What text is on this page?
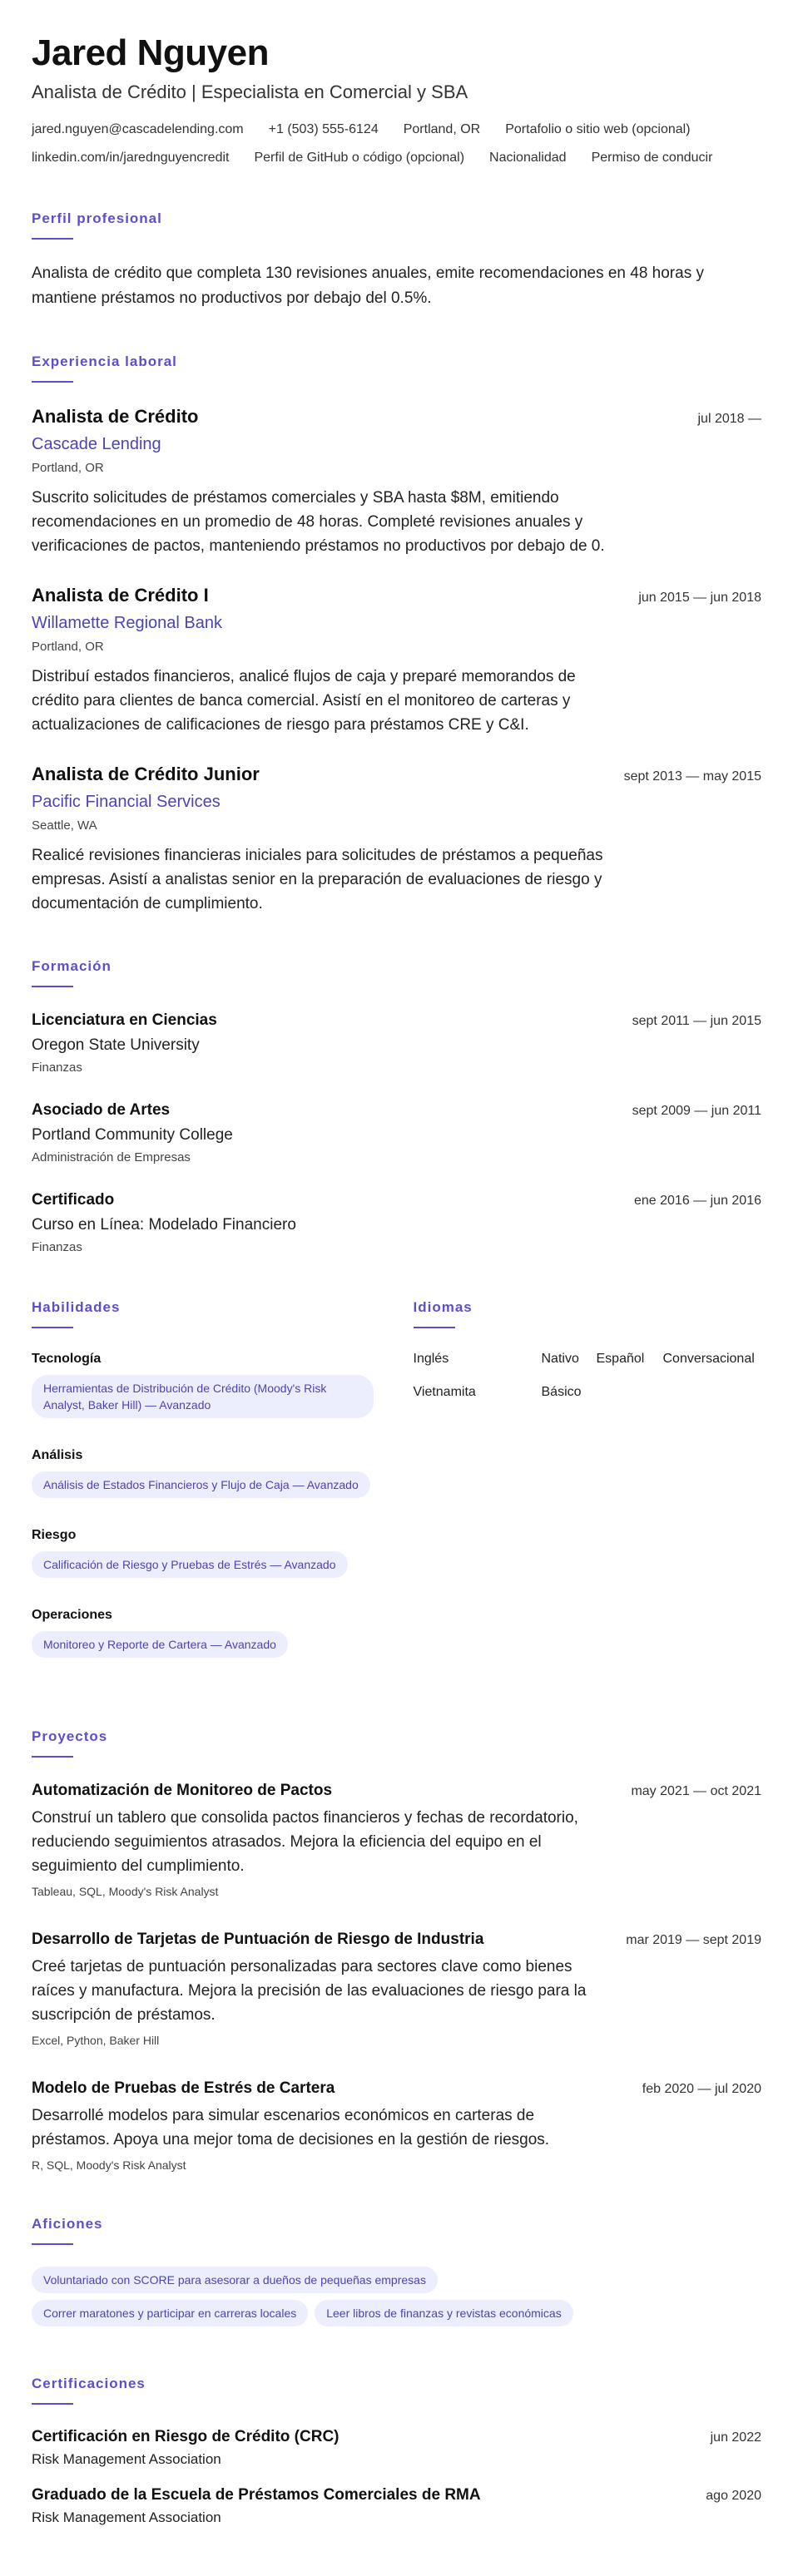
Jared Nguyen
Analista de Crédito | Especialista en Comercial y SBA
jared.nguyen@cascadelending.com +1 (503) 555-6124 Portland, OR Portafolio o sitio web (opcional)
linkedin.com/in/jarednguyencredit Perfil de GitHub o código (opcional) Nacionalidad Permiso de conducir
Perfil profesional

Analista de crédito que completa 130 revisiones anuales, emite recomendaciones en 48 horas y mantiene préstamos no productivos por debajo del 0.5%.

Experiencia laboral
Analista de Crédito	jul 2018 —
Cascade Lending
Portland, OR

Suscrito solicitudes de préstamos comerciales y SBA hasta $8M, emitiendo recomendaciones en un promedio de 48 horas. Completé revisiones anuales y verificaciones de pactos, manteniendo préstamos no productivos por debajo de 0.

Analista de Crédito I	jun 2015 — jun 2018
Willamette Regional Bank
Portland, OR

Distribuí estados financieros, analicé flujos de caja y preparé memorandos de crédito para clientes de banca comercial. Asistí en el monitoreo de carteras y actualizaciones de calificaciones de riesgo para préstamos CRE y C&I.

Analista de Crédito Junior	sept 2013 — may 2015
Pacific Financial Services
Seattle, WA

Realicé revisiones financieras iniciales para solicitudes de préstamos a pequeñas empresas. Asistí a analistas senior en la preparación de evaluaciones de riesgo y documentación de cumplimiento.

Formación
Licenciatura en Ciencias	sept 2011 — jun 2015
Oregon State University
Finanzas
Asociado de Artes	sept 2009 — jun 2011
Portland Community College
Administración de Empresas
Certificado	ene 2016 — jun 2016
Curso en Línea: Modelado Financiero
Finanzas
Habilidades
Tecnología
Herramientas de Distribución de Crédito (Moody's Risk Analyst, Baker Hill) — Avanzado
Análisis
Análisis de Estados Financieros y Flujo de Caja — Avanzado
Riesgo
Calificación de Riesgo y Pruebas de Estrés — Avanzado
Operaciones
Monitoreo y Reporte de Cartera — Avanzado
Idiomas
Inglés	Nativo	Español	Conversacional
Vietnamita	Básico
Proyectos
Automatización de Monitoreo de Pactos	may 2021 — oct 2021

Construí un tablero que consolida pactos financieros y fechas de recordatorio, reduciendo seguimientos atrasados. Mejora la eficiencia del equipo en el seguimiento del cumplimiento.

Tableau, SQL, Moody's Risk Analyst
Desarrollo de Tarjetas de Puntuación de Riesgo de Industria	mar 2019 — sept 2019

Creé tarjetas de puntuación personalizadas para sectores clave como bienes raíces y manufactura. Mejora la precisión de las evaluaciones de riesgo para la suscripción de préstamos.

Excel, Python, Baker Hill
Modelo de Pruebas de Estrés de Cartera	feb 2020 — jul 2020

Desarrollé modelos para simular escenarios económicos en carteras de préstamos. Apoya una mejor toma de decisiones en la gestión de riesgos.

R, SQL, Moody's Risk Analyst
Aficiones
Voluntariado con SCORE para asesorar a dueños de pequeñas empresas
Correr maratones y participar en carreras locales	Leer libros de finanzas y revistas económicas
Certificaciones
Certificación en Riesgo de Crédito (CRC)	jun 2022
Risk Management Association
Graduado de la Escuela de Préstamos Comerciales de RMA	ago 2020
Risk Management Association
